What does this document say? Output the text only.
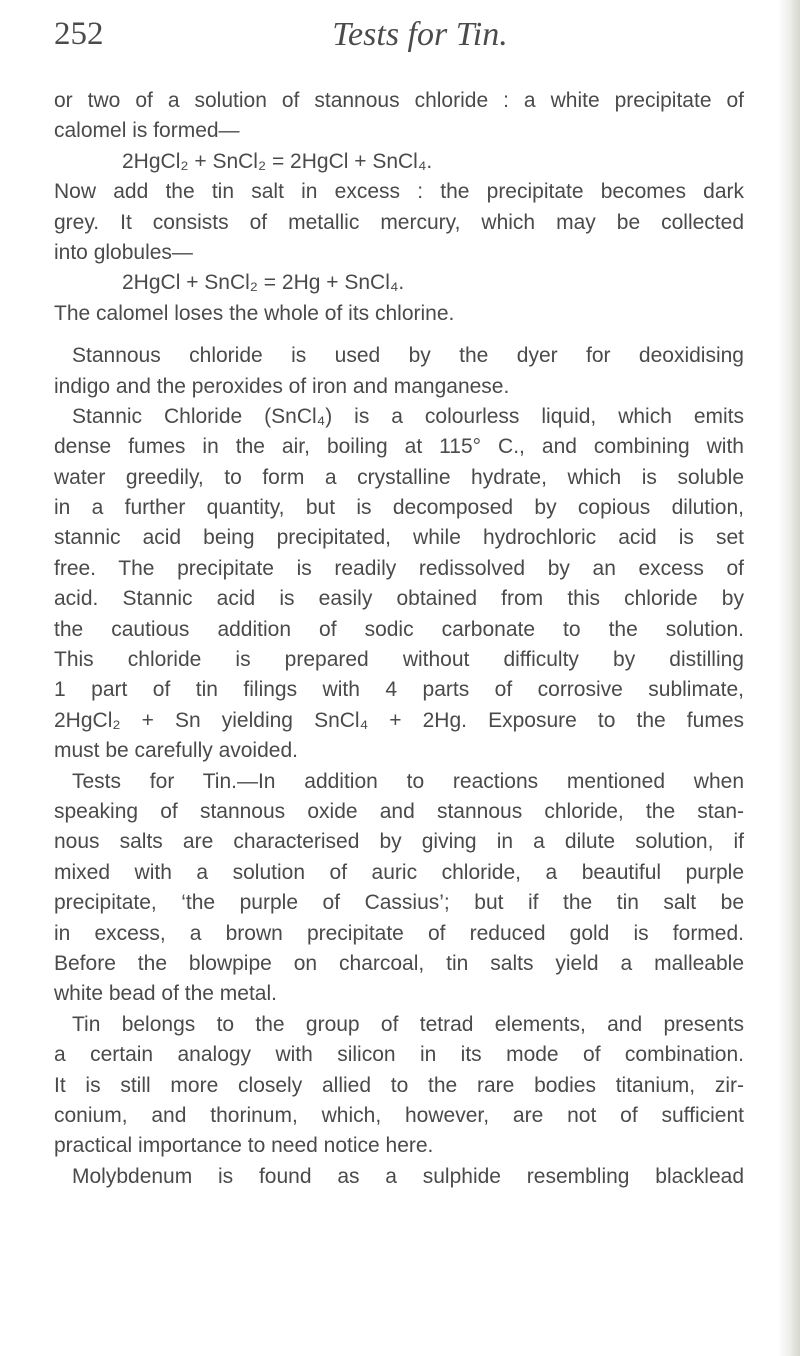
252	Tests for Tin.
or two of a solution of stannous chloride : a white precipitate of
calomel is formed—
2HgCl₂ + SnCl₂ = 2HgCl + SnCl₄.
Now add the tin salt in excess : the precipitate becomes dark
grey. It consists of metallic mercury, which may be collected
into globules—
2HgCl + SnCl₂ = 2Hg + SnCl₄.
The calomel loses the whole of its chlorine.
Stannous chloride is used by the dyer for deoxidising
indigo and the peroxides of iron and manganese.
Stannic Chloride (SnCl₄) is a colourless liquid, which emits
dense fumes in the air, boiling at 115° C., and combining with
water greedily, to form a crystalline hydrate, which is soluble
in a further quantity, but is decomposed by copious dilution,
stannic acid being precipitated, while hydrochloric acid is set
free. The precipitate is readily redissolved by an excess of
acid. Stannic acid is easily obtained from this chloride by
the cautious addition of sodic carbonate to the solution.
This chloride is prepared without difficulty by distilling
1 part of tin filings with 4 parts of corrosive sublimate,
2HgCl₂ + Sn yielding SnCl₄ + 2Hg. Exposure to the fumes
must be carefully avoided.
Tests for Tin.—In addition to reactions mentioned when
speaking of stannous oxide and stannous chloride, the stan-
nous salts are characterised by giving in a dilute solution, if
mixed with a solution of auric chloride, a beautiful purple
precipitate, ‘the purple of Cassius’; but if the tin salt be
in excess, a brown precipitate of reduced gold is formed.
Before the blowpipe on charcoal, tin salts yield a malleable
white bead of the metal.
Tin belongs to the group of tetrad elements, and presents
a certain analogy with silicon in its mode of combination.
It is still more closely allied to the rare bodies titanium, zir-
conium, and thorinum, which, however, are not of sufficient
practical importance to need notice here.
Molybdenum is found as a sulphide resembling blacklead
